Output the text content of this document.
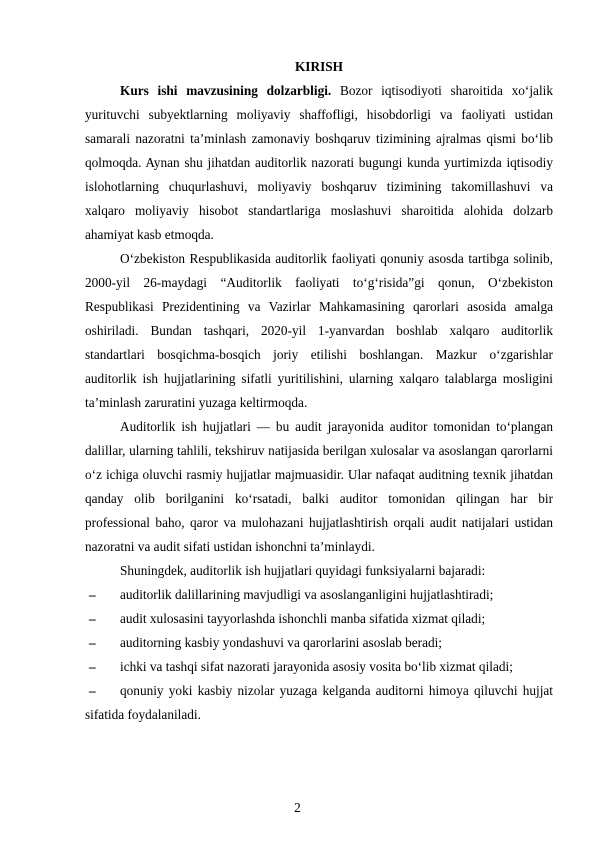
KIRISH

Kurs ishi mavzusining dolzarbligi. Bozor iqtisodiyoti sharoitida xo‘jalik yurituvchi subyektlarning moliyaviy shaffofligi, hisobdorligi va faoliyati ustidan samarali nazoratni ta’minlash zamonaviy boshqaruv tizimining ajralmas qismi bo‘lib qolmoqda. Aynan shu jihatdan auditorlik nazorati bugungi kunda yurtimizda iqtisodiy islohotlarning chuqurlashuvi, moliyaviy boshqaruv tizimining takomillashuvi va xalqaro moliyaviy hisobot standartlariga moslashuvi sharoitida alohida dolzarb ahamiyat kasb etmoqda.

O‘zbekiston Respublikasida auditorlik faoliyati qonuniy asosda tartibga solinib, 2000-yil 26-maydagi “Auditorlik faoliyati to‘g‘risida”gi qonun, O‘zbekiston Respublikasi Prezidentining va Vazirlar Mahkamasining qarorlari asosida amalga oshiriladi. Bundan tashqari, 2020-yil 1-yanvardan boshlab xalqaro auditorlik standartlari bosqichma-bosqich joriy etilishi boshlangan. Mazkur o‘zgarishlar auditorlik ish hujjatlarining sifatli yuritilishini, ularning xalqaro talablarga mosligini ta’minlash zaruratini yuzaga keltirmoqda.

Auditorlik ish hujjatlari — bu audit jarayonida auditor tomonidan to‘plangan dalillar, ularning tahlili, tekshiruv natijasida berilgan xulosalar va asoslangan qarorlarni o‘z ichiga oluvchi rasmiy hujjatlar majmuasidir. Ular nafaqat auditning texnik jihatdan qanday olib borilganini ko‘rsatadi, balki auditor tomonidan qilingan har bir professional baho, qaror va mulohazani hujjatlashtirish orqali audit natijalari ustidan nazoratni va audit sifati ustidan ishonchni ta’minlaydi.

Shuningdek, auditorlik ish hujjatlari quyidagi funksiyalarni bajaradi:

– auditorlik dalillarining mavjudligi va asoslanganligini hujjatlashtiradi;
– audit xulosasini tayyorlashda ishonchli manba sifatida xizmat qiladi;
– auditorning kasbiy yondashuvi va qarorlarini asoslab beradi;
– ichki va tashqi sifat nazorati jarayonida asosiy vosita bo‘lib xizmat qiladi;
– qonuniy yoki kasbiy nizolar yuzaga kelganda auditorni himoya qiluvchi hujjat sifatida foydalaniladi.
2
